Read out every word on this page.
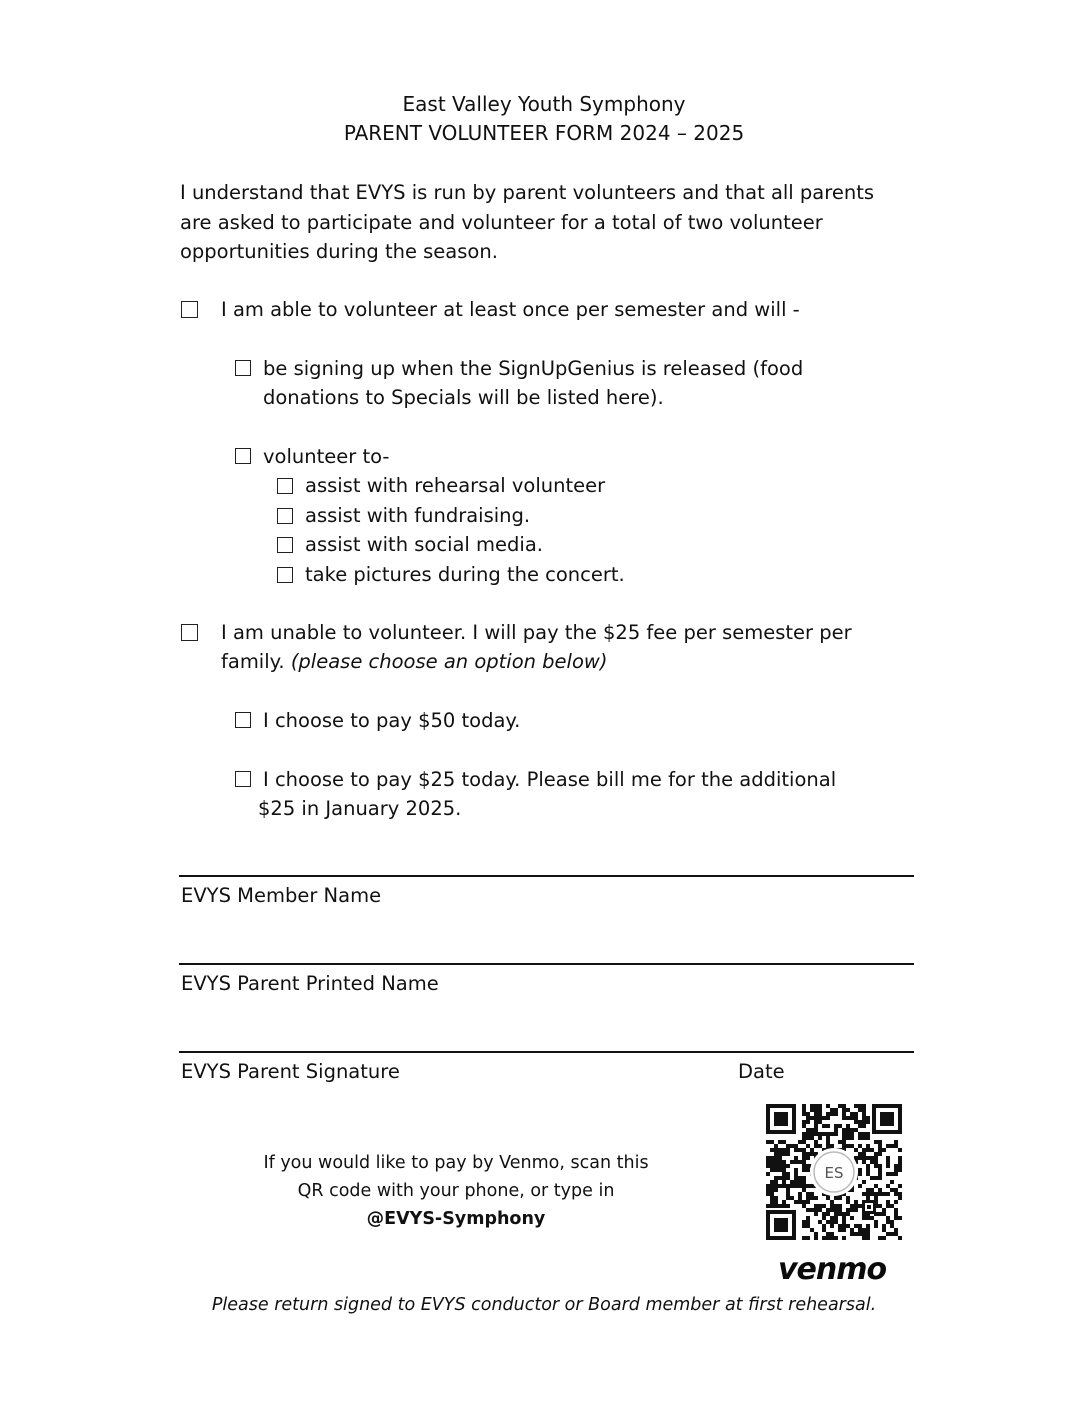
East Valley Youth Symphony
PARENT VOLUNTEER FORM 2024 – 2025
I understand that EVYS is run by parent volunteers and that all parents
are asked to participate and volunteer for a total of two volunteer
opportunities during the season.
I am able to volunteer at least once per semester and will -
be signing up when the SignUpGenius is released (food
donations to Specials will be listed here).
volunteer to-
assist with rehearsal volunteer
assist with fundraising.
assist with social media.
take pictures during the concert.
I am unable to volunteer. I will pay the $25 fee per semester per
family. (please choose an option below)
I choose to pay $50 today.
I choose to pay $25 today. Please bill me for the additional
$25 in January 2025.
EVYS Member Name
EVYS Parent Printed Name
EVYS Parent Signature	Date
If you would like to pay by Venmo, scan this
QR code with your phone, or type in
@EVYS-Symphony
ES
venmo
Please return signed to EVYS conductor or Board member at first rehearsal.
